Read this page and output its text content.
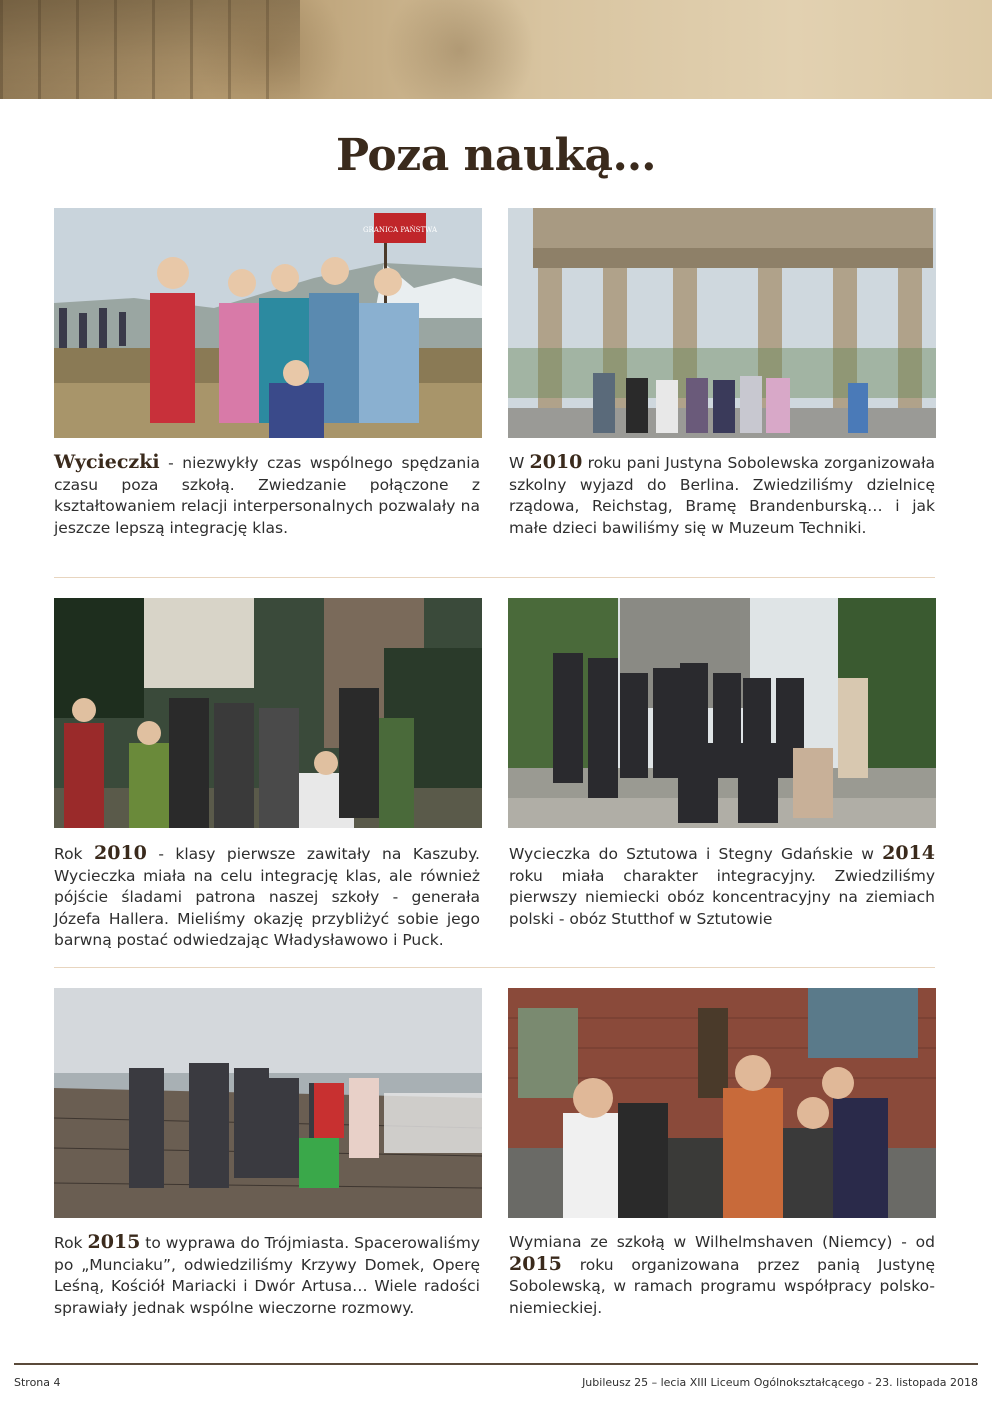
Poza nauką…
GRANICA PAŃSTWA

Wycieczki - niezwykły czas wspólnego spędzania czasu poza szkołą. Zwiedzanie połączone z kształtowaniem relacji interpersonalnych pozwalały na jeszcze lepszą integrację klas.

W 2010 roku pani Justyna Sobolewska zorganizowała szkolny wyjazd do Berlina. Zwiedziliśmy dzielnicę rządowa, Reichstag, Bramę Brandenburską… i jak małe dzieci bawiliśmy się w Muzeum Techniki.

Rok 2010 - klasy pierwsze zawitały na Kaszuby. Wycieczka miała na celu integrację klas, ale również pójście śladami patrona naszej szkoły - generała Józefa Hallera. Mieliśmy okazję przybliżyć sobie jego barwną postać odwiedzając Władysławowo i Puck.

Wycieczka do Sztutowa i Stegny Gdańskie w 2014 roku miała charakter integracyjny. Zwiedziliśmy pierwszy niemiecki obóz koncentracyjny na ziemiach polski - obóz Stutthof w Sztutowie

Rok 2015 to wyprawa do Trójmiasta. Spacerowaliśmy po „Munciaku”, odwiedziliśmy Krzywy Domek, Operę Leśną, Kościół Mariacki i Dwór Artusa… Wiele radości sprawiały jednak wspólne wieczorne rozmowy.

Wymiana ze szkołą w Wilhelmshaven (Niemcy) - od 2015 roku organizowana przez panią Justynę Sobolewską, w ramach programu współpracy polsko-niemieckiej.

Strona 4	Jubileusz 25 – lecia XIII Liceum Ogólnokształcącego - 23. listopada 2018
